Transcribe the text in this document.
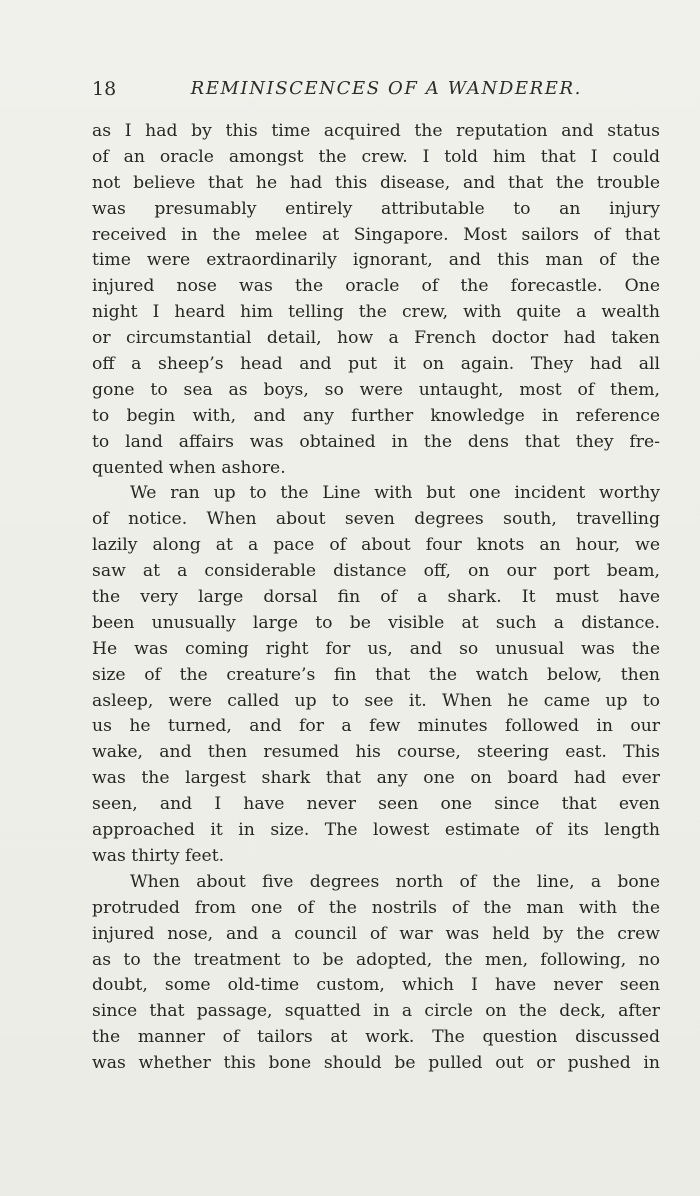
18	REMINISCENCES OF A WANDERER.
as I had by this time acquired the reputation and status
of an oracle amongst the crew. I told him that I could
not believe that he had this disease, and that the trouble
was presumably entirely attributable to an injury
received in the melee at Singapore. Most sailors of that
time were extraordinarily ignorant, and this man of the
injured nose was the oracle of the forecastle. One
night I heard him telling the crew, with quite a wealth
or circumstantial detail, how a French doctor had taken
off a sheep’s head and put it on again. They had all
gone to sea as boys, so were untaught, most of them,
to begin with, and any further knowledge in reference
to land affairs was obtained in the dens that they fre-
quented when ashore.
We ran up to the Line with but one incident worthy
of notice. When about seven degrees south, travelling
lazily along at a pace of about four knots an hour, we
saw at a considerable distance off, on our port beam,
the very large dorsal fin of a shark. It must have
been unusually large to be visible at such a distance.
He was coming right for us, and so unusual was the
size of the creature’s fin that the watch below, then
asleep, were called up to see it. When he came up to
us he turned, and for a few minutes followed in our
wake, and then resumed his course, steering east. This
was the largest shark that any one on board had ever
seen, and I have never seen one since that even
approached it in size. The lowest estimate of its length
was thirty feet.
When about five degrees north of the line, a bone
protruded from one of the nostrils of the man with the
injured nose, and a council of war was held by the crew
as to the treatment to be adopted, the men, following, no
doubt, some old-time custom, which I have never seen
since that passage, squatted in a circle on the deck, after
the manner of tailors at work. The question discussed
was whether this bone should be pulled out or pushed in
